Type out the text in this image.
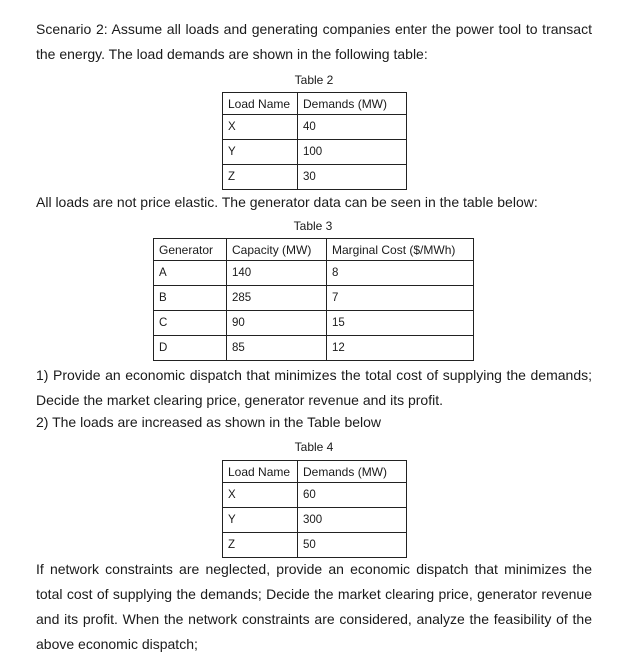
Scenario 2: Assume all loads and generating companies enter the power tool to transact the energy. The load demands are shown in the following table:

Table 2

Load Name	Demands (MW)
X	40
Y	100
Z	30

All loads are not price elastic. The generator data can be seen in the table below:

Table 3

Generator	Capacity (MW)	Marginal Cost ($/MWh)
A	140	8
B	285	7
C	90	15
D	85	12

1) Provide an economic dispatch that minimizes the total cost of supplying the demands; Decide the market clearing price, generator revenue and its profit.

2) The loads are increased as shown in the Table below

Table 4

Load Name	Demands (MW)
X	60
Y	300
Z	50

If network constraints are neglected, provide an economic dispatch that minimizes the total cost of supplying the demands; Decide the market clearing price, generator revenue and its profit. When the network constraints are considered, analyze the feasibility of the above economic dispatch;
